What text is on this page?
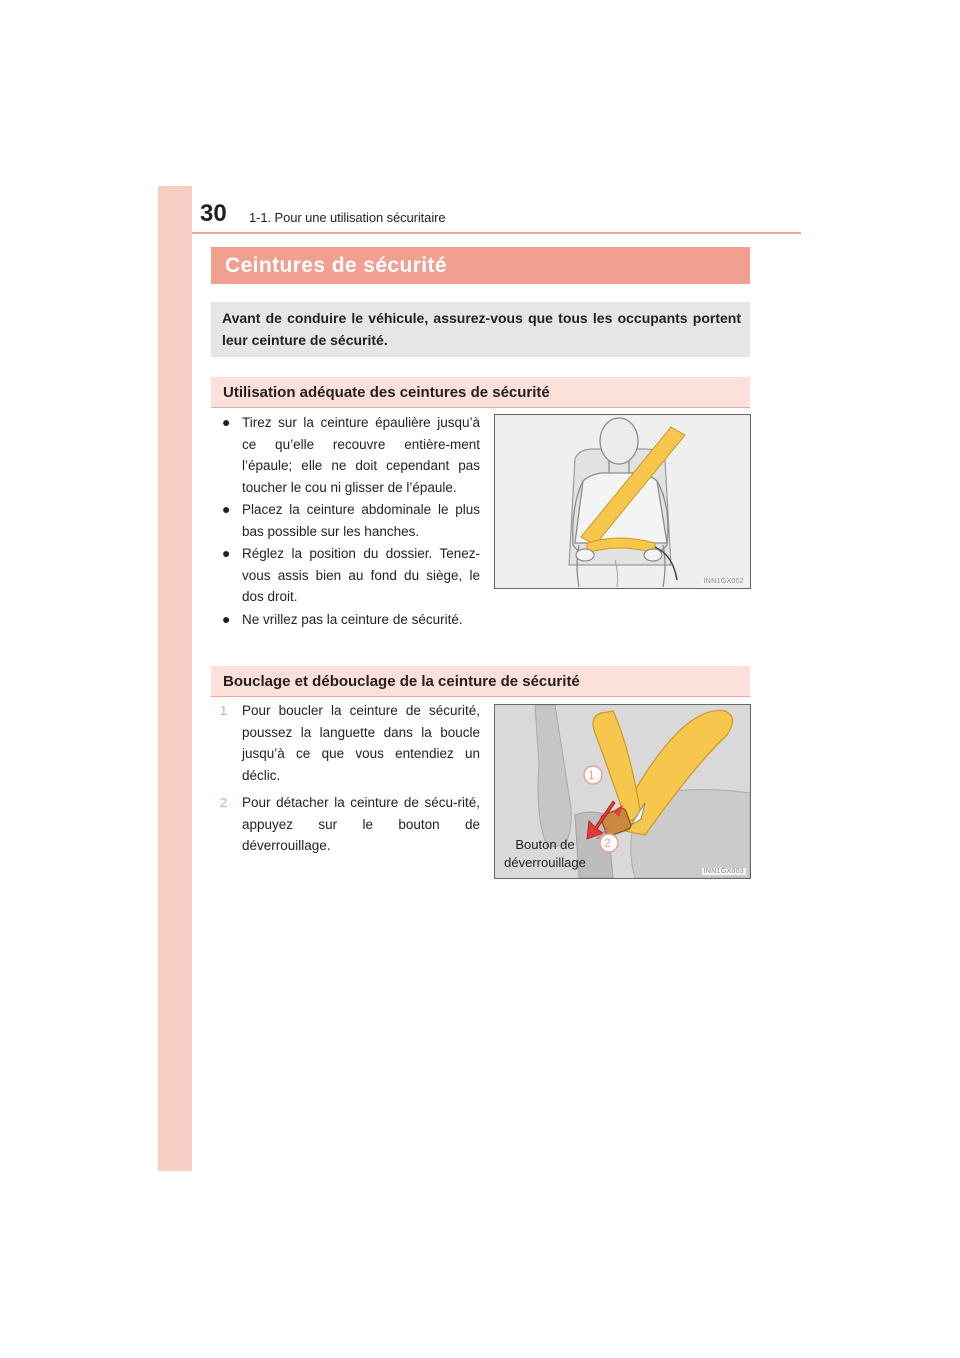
30 1-1. Pour une utilisation sécuritaire
Ceintures de sécurité
Avant de conduire le véhicule, assurez-vous que tous les occupants portent leur ceinture de sécurité.
Utilisation adéquate des ceintures de sécurité
● Tirez sur la ceinture épaulière jusqu’à ce qu’elle recouvre entière-ment l’épaule; elle ne doit cependant pas toucher le cou ni glisser de l’épaule.
● Placez la ceinture abdominale le plus bas possible sur les hanches.
● Réglez la position du dossier. Tenez-vous assis bien au fond du siège, le dos droit.
● Ne vrillez pas la ceinture de sécurité.
INN1GX002
Bouclage et débouclage de la ceinture de sécurité
1 Pour boucler la ceinture de sécurité, poussez la languette dans la boucle jusqu’à ce que vous entendiez un déclic.
2 Pour détacher la ceinture de sécu-rité, appuyez sur le bouton de déverrouillage.
1
2
Bouton de déverrouillage
INN1GX003
